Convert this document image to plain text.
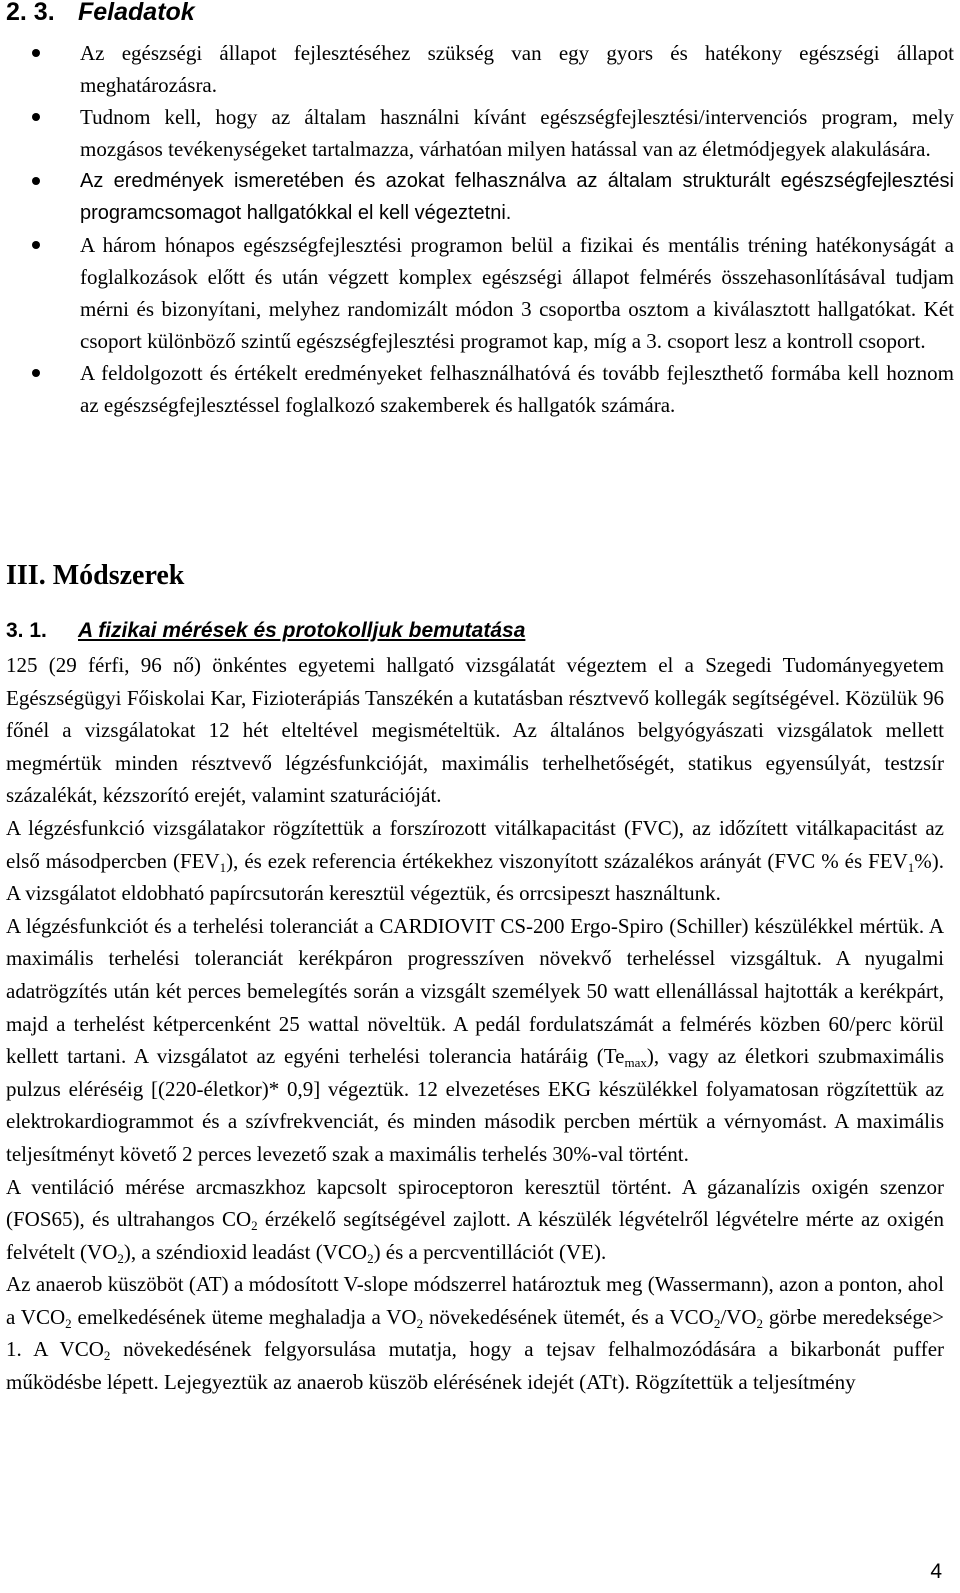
2. 3. Feladatok
Az egészségi állapot fejlesztéséhez szükség van egy gyors és hatékony egészségi állapot meghatározásra.
Tudnom kell, hogy az általam használni kívánt egészségfejlesztési/intervenciós program, mely mozgásos tevékenységeket tartalmazza, várhatóan milyen hatással van az életmódjegyek alakulására.
Az eredmények ismeretében és azokat felhasználva az általam strukturált egészségfejlesztési programcsomagot hallgatókkal el kell végeztetni.
A három hónapos egészségfejlesztési programon belül a fizikai és mentális tréning hatékonyságát a foglalkozások előtt és után végzett komplex egészségi állapot felmérés összehasonlításával tudjam mérni és bizonyítani, melyhez randomizált módon 3 csoportba osztom a kiválasztott hallgatókat. Két csoport különböző szintű egészségfejlesztési programot kap, míg a 3. csoport lesz a kontroll csoport.
A feldolgozott és értékelt eredményeket felhasználhatóvá és tovább fejleszthető formába kell hoznom az egészségfejlesztéssel foglalkozó szakemberek és hallgatók számára.
III. Módszerek
3. 1. A fizikai mérések és protokolljuk bemutatása

125 (29 férfi, 96 nő) önkéntes egyetemi hallgató vizsgálatát végeztem el a Szegedi Tudományegyetem Egészségügyi Főiskolai Kar, Fizioterápiás Tanszékén a kutatásban résztvevő kollegák segítségével. Közülük 96 főnél a vizsgálatokat 12 hét elteltével megismételtük. Az általános belgyógyászati vizsgálatok mellett megmértük minden résztvevő légzésfunkcióját, maximális terhelhetőségét, statikus egyensúlyát, testzsír százalékát, kézszorító erejét, valamint szaturációját.

A légzésfunkció vizsgálatakor rögzítettük a forszírozott vitálkapacitást (FVC), az időzített vitálkapacitást az első másodpercben $(FEV_1)$, és ezek referencia értékekhez viszonyított százalékos arányát (FVC % és $FEV_1\%$). A vizsgálatot eldobható papírcsutorán keresztül végeztük, és orrcsipeszt használtunk.

A légzésfunkciót és a terhelési toleranciát a CARDIOVIT CS-200 Ergo-Spiro (Schiller) készülékkel mértük. A maximális terhelési toleranciát kerékpáron progresszíven növekvő terheléssel vizsgáltuk. A nyugalmi adatrögzítés után két perces bemelegítés során a vizsgált személyek 50 watt ellenállással hajtották a kerékpárt, majd a terhelést kétpercenként 25 wattal növeltük. A pedál fordulatszámát a felmérés közben 60/perc körül kellett tartani. A vizsgálatot az egyéni terhelési tolerancia határáig $(Te_{max})$, vagy az életkori szubmaximális pulzus eléréséig [(220-életkor)* 0,9] végeztük. 12 elvezetéses EKG készülékkel folyamatosan rögzítettük az elektrokardiogrammot és a szívfrekvenciát, és minden második percben mértük a vérnyomást. A maximális teljesítményt követő 2 perces levezető szak a maximális terhelés 30%-val történt.

A ventiláció mérése arcmaszkhoz kapcsolt spiroceptoron keresztül történt. A gázanalízis oxigén szenzor (FOS65), és ultrahangos $CO_2$ érzékelő segítségével zajlott. A készülék légvételről légvételre mérte az oxigén felvételt $(VO_2)$, a széndioxid leadást $(VCO_2)$ és a percventillációt (VE).

Az anaerob küszöböt (AT) a módosított V-slope módszerrel határoztuk meg (Wassermann), azon a ponton, ahol a $VCO_2$ emelkedésének üteme meghaladja a $VO_2$ növekedésének ütemét, és a $VCO_2/VO_2$ görbe meredeksége> 1. A $VCO_2$ növekedésének felgyorsulása mutatja, hogy a tejsav felhalmozódására a bikarbonát puffer működésbe lépett. Lejegyeztük az anaerob küszöb elérésének idejét (ATt). Rögzítettük a teljesítmény

4
